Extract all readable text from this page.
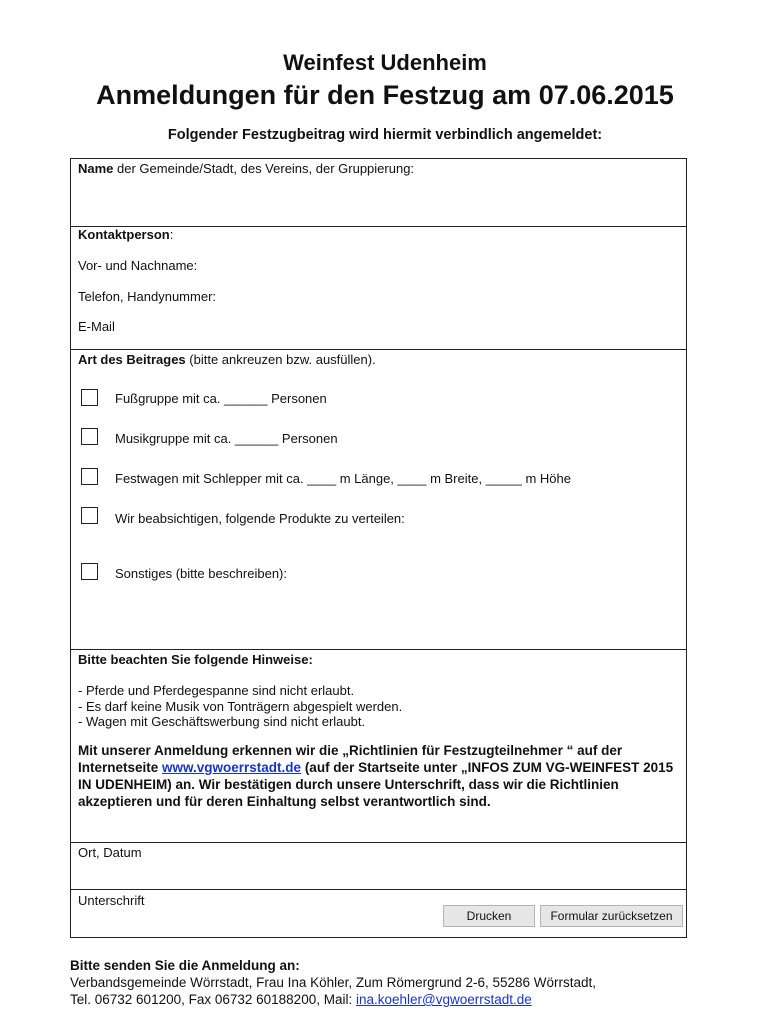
Weinfest Udenheim
Anmeldungen für den Festzug am 07.06.2015
Folgender Festzugbeitrag wird hiermit verbindlich angemeldet:
Name der Gemeinde/Stadt, des Vereins, der Gruppierung:
Kontaktperson:
Vor- und Nachname:
Telefon, Handynummer:
E-Mail
Art des Beitrages (bitte ankreuzen bzw. ausfüllen).
Fußgruppe mit ca. ______ Personen
Musikgruppe mit ca. ______ Personen
Festwagen mit Schlepper mit ca. ____ m Länge, ____ m Breite, _____ m Höhe
Wir beabsichtigen, folgende Produkte zu verteilen:
Sonstiges (bitte beschreiben):
Bitte beachten Sie folgende Hinweise:
- Pferde und Pferdegespanne sind nicht erlaubt.
- Es darf keine Musik von Tonträgern abgespielt werden.
- Wagen mit Geschäftswerbung sind nicht erlaubt.
Mit unserer Anmeldung erkennen wir die „Richtlinien für Festzugteilnehmer “ auf der Internetseite www.vgwoerrstadt.de (auf der Startseite unter „INFOS ZUM VG-WEINFEST 2015 IN UDENHEIM) an. Wir bestätigen durch unsere Unterschrift, dass wir die Richtlinien akzeptieren und für deren Einhaltung selbst verantwortlich sind.
Ort, Datum
Unterschrift
Drucken	Formular zurücksetzen
Bitte senden Sie die Anmeldung an:
Verbandsgemeinde Wörrstadt, Frau Ina Köhler, Zum Römergrund 2-6, 55286 Wörrstadt,
Tel. 06732 601200, Fax 06732 60188200, Mail: ina.koehler@vgwoerrstadt.de
